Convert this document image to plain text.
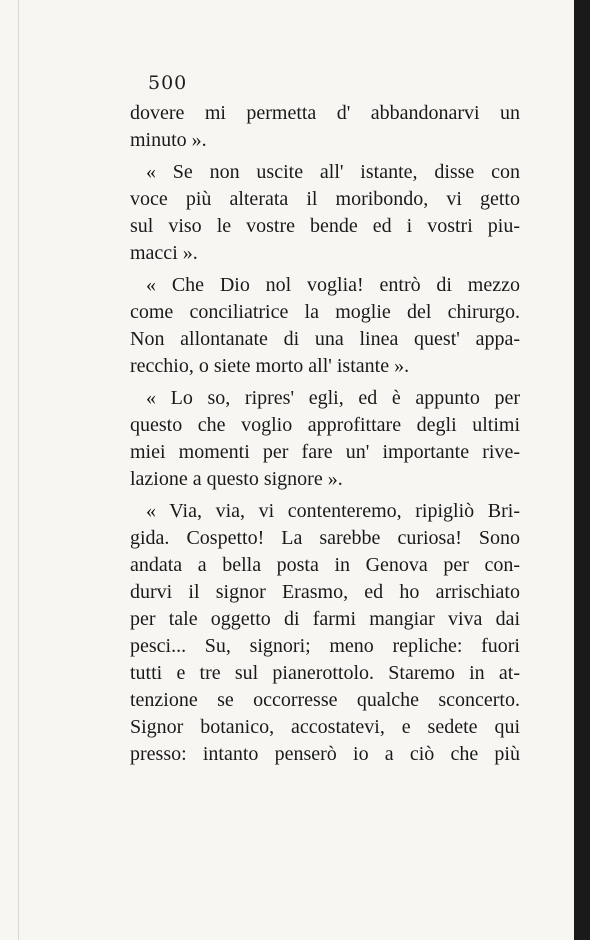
500
dovere mi permetta d' abbandonarvi un
minuto ».
« Se non uscite all' istante, disse con
voce più alterata il moribondo, vi getto
sul viso le vostre bende ed i vostri piu-
macci ».
« Che Dio nol voglia! entrò di mezzo
come conciliatrice la moglie del chirurgo.
Non allontanate di una linea quest' appa-
recchio, o siete morto all' istante ».
« Lo so, ripres' egli, ed è appunto per
questo che voglio approfittare degli ultimi
miei momenti per fare un' importante rive-
lazione a questo signore ».
« Via, via, vi contenteremo, ripigliò Bri-
gida. Cospetto! La sarebbe curiosa! Sono
andata a bella posta in Genova per con-
durvi il signor Erasmo, ed ho arrischiato
per tale oggetto di farmi mangiar viva dai
pesci... Su, signori; meno repliche: fuori
tutti e tre sul pianerottolo. Staremo in at-
tenzione se occorresse qualche sconcerto.
Signor botanico, accostatevi, e sedete qui
presso: intanto penserò io a ciò che più
